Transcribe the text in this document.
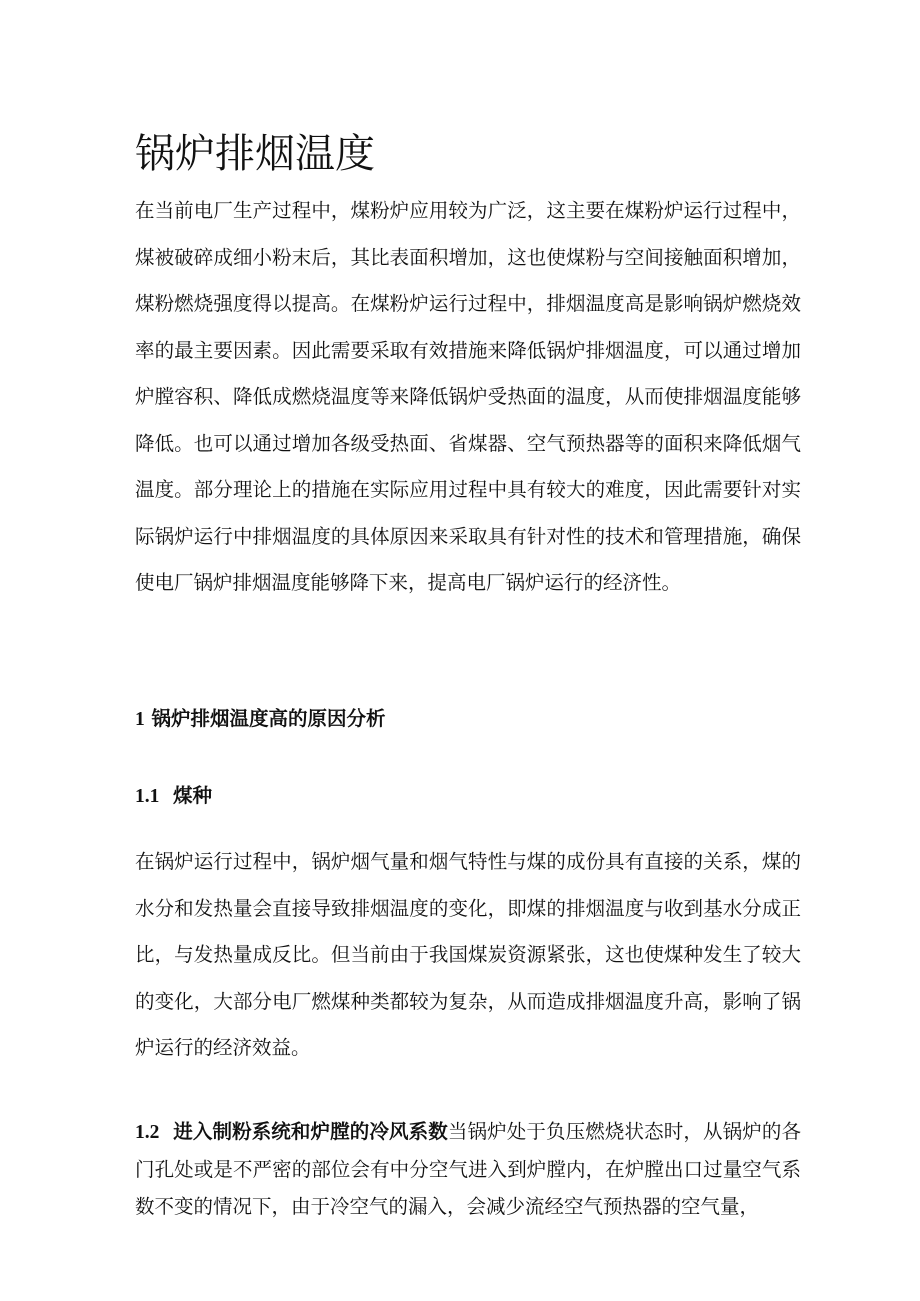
锅炉排烟温度

在当前电厂生产过程中，煤粉炉应用较为广泛，这主要在煤粉炉运行过程中，煤被破碎成细小粉末后，其比表面积增加，这也使煤粉与空间接触面积增加，煤粉燃烧强度得以提高。在煤粉炉运行过程中，排烟温度高是影响锅炉燃烧效率的最主要因素。因此需要采取有效措施来降低锅炉排烟温度，可以通过增加炉膛容积、降低成燃烧温度等来降低锅炉受热面的温度，从而使排烟温度能够降低。也可以通过增加各级受热面、省煤器、空气预热器等的面积来降低烟气温度。部分理论上的措施在实际应用过程中具有较大的难度，因此需要针对实际锅炉运行中排烟温度的具体原因来采取具有针对性的技术和管理措施，确保使电厂锅炉排烟温度能够降下来，提高电厂锅炉运行的经济性。

1 锅炉排烟温度高的原因分析
1.1 煤种

在锅炉运行过程中，锅炉烟气量和烟气特性与煤的成份具有直接的关系，煤的水分和发热量会直接导致排烟温度的变化，即煤的排烟温度与收到基水分成正比，与发热量成反比。但当前由于我国煤炭资源紧张，这也使煤种发生了较大的变化，大部分电厂燃煤种类都较为复杂，从而造成排烟温度升高，影响了锅炉运行的经济效益。

1.2 进入制粉系统和炉膛的冷风系数当锅炉处于负压燃烧状态时，从锅炉的各门孔处或是不严密的部位会有中分空气进入到炉膛内，在炉膛出口过量空气系数不变的情况下，由于冷空气的漏入，会减少流经空气预热器的空气量，
